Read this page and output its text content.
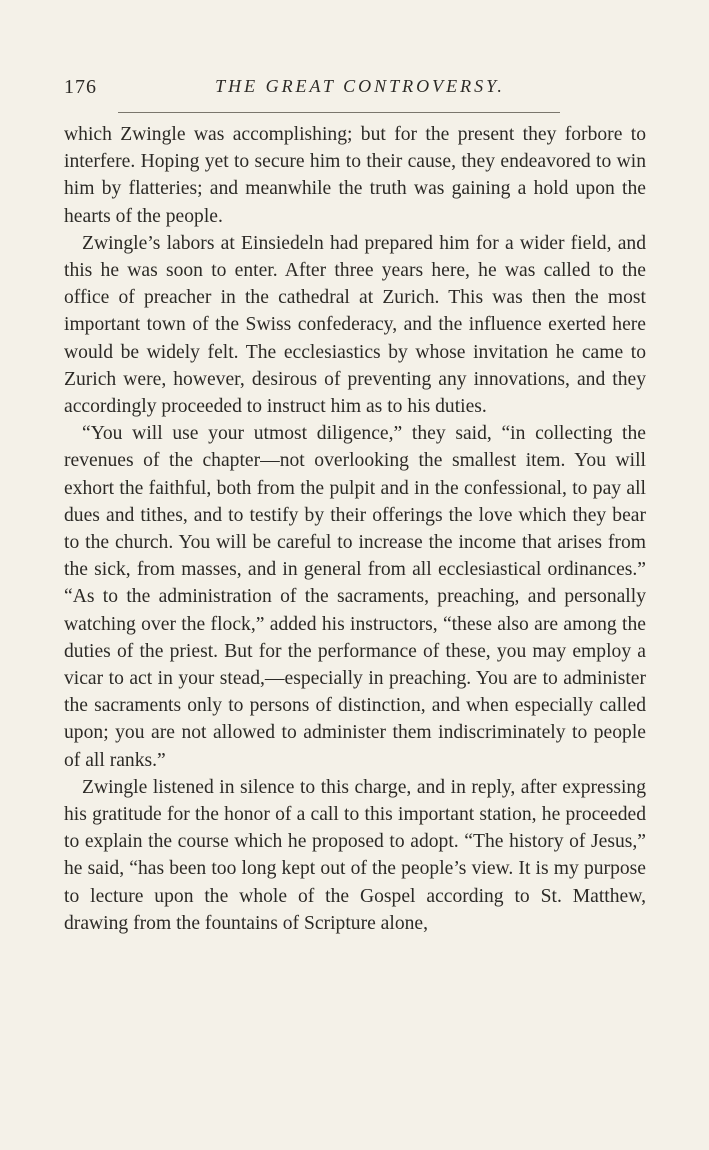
176	THE GREAT CONTROVERSY.

which Zwingle was accomplishing; but for the present they forbore to interfere. Hoping yet to secure him to their cause, they endeavored to win him by flatteries; and meanwhile the truth was gaining a hold upon the hearts of the people.

Zwingle’s labors at Einsiedeln had prepared him for a wider field, and this he was soon to enter. After three years here, he was called to the office of preacher in the cathedral at Zurich. This was then the most important town of the Swiss confederacy, and the influence exerted here would be widely felt. The ecclesiastics by whose invitation he came to Zurich were, however, desirous of preventing any innovations, and they accordingly proceeded to instruct him as to his duties.

“You will use your utmost diligence,” they said, “in collecting the revenues of the chapter—not overlooking the smallest item. You will exhort the faithful, both from the pulpit and in the confessional, to pay all dues and tithes, and to testify by their offerings the love which they bear to the church. You will be careful to increase the income that arises from the sick, from masses, and in general from all ecclesiastical ordinances.” “As to the administration of the sacraments, preaching, and personally watching over the flock,” added his instructors, “these also are among the duties of the priest. But for the performance of these, you may employ a vicar to act in your stead,—especially in preaching. You are to administer the sacraments only to persons of distinction, and when especially called upon; you are not allowed to administer them indiscriminately to people of all ranks.”

Zwingle listened in silence to this charge, and in reply, after expressing his gratitude for the honor of a call to this important station, he proceeded to explain the course which he proposed to adopt. “The history of Jesus,” he said, “has been too long kept out of the people’s view. It is my purpose to lecture upon the whole of the Gospel according to St. Matthew, drawing from the fountains of Scripture alone,
